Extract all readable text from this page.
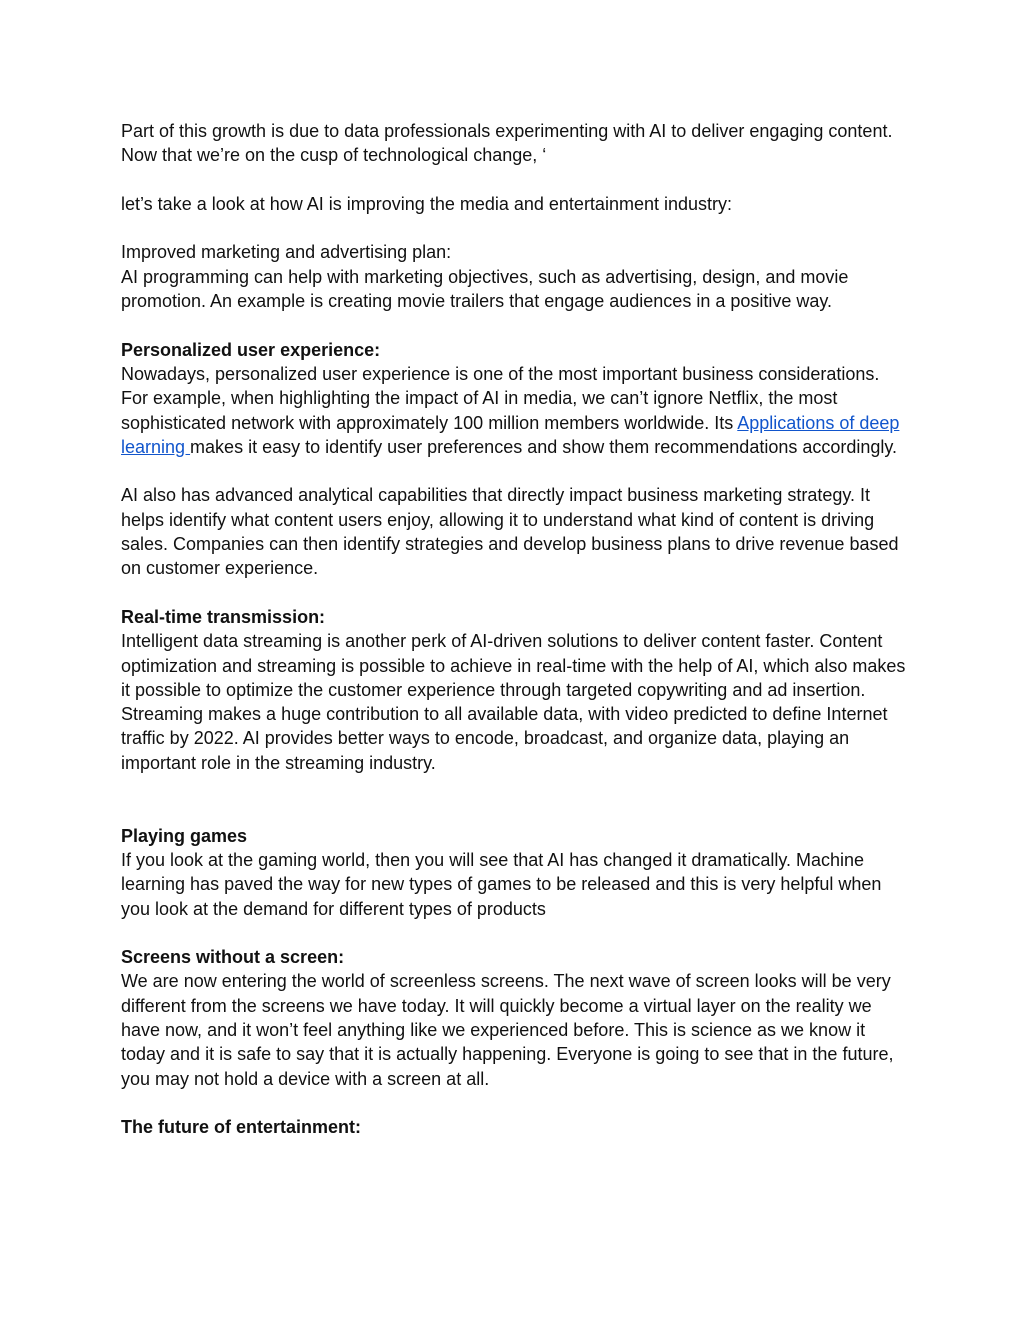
Part of this growth is due to data professionals experimenting with AI to deliver engaging content. Now that we’re on the cusp of technological change, ‘

let’s take a look at how AI is improving the media and entertainment industry:

Improved marketing and advertising plan:

AI programming can help with marketing objectives, such as advertising, design, and movie promotion. An example is creating movie trailers that engage audiences in a positive way.

Personalized user experience:

Nowadays, personalized user experience is one of the most important business considerations. For example, when highlighting the impact of AI in media, we can’t ignore Netflix, the most sophisticated network with approximately 100 million members worldwide. Its Applications of deep learning makes it easy to identify user preferences and show them recommendations accordingly.

AI also has advanced analytical capabilities that directly impact business marketing strategy. It helps identify what content users enjoy, allowing it to understand what kind of content is driving sales. Companies can then identify strategies and develop business plans to drive revenue based on customer experience.

Real-time transmission:

Intelligent data streaming is another perk of AI-driven solutions to deliver content faster. Content optimization and streaming is possible to achieve in real-time with the help of AI, which also makes it possible to optimize the customer experience through targeted copywriting and ad insertion. Streaming makes a huge contribution to all available data, with video predicted to define Internet traffic by 2022. AI provides better ways to encode, broadcast, and organize data, playing an important role in the streaming industry.

Playing games

If you look at the gaming world, then you will see that AI has changed it dramatically. Machine learning has paved the way for new types of games to be released and this is very helpful when you look at the demand for different types of products

Screens without a screen:

We are now entering the world of screenless screens. The next wave of screen looks will be very different from the screens we have today. It will quickly become a virtual layer on the reality we have now, and it won’t feel anything like we experienced before. This is science as we know it today and it is safe to say that it is actually happening. Everyone is going to see that in the future, you may not hold a device with a screen at all.

The future of entertainment:
